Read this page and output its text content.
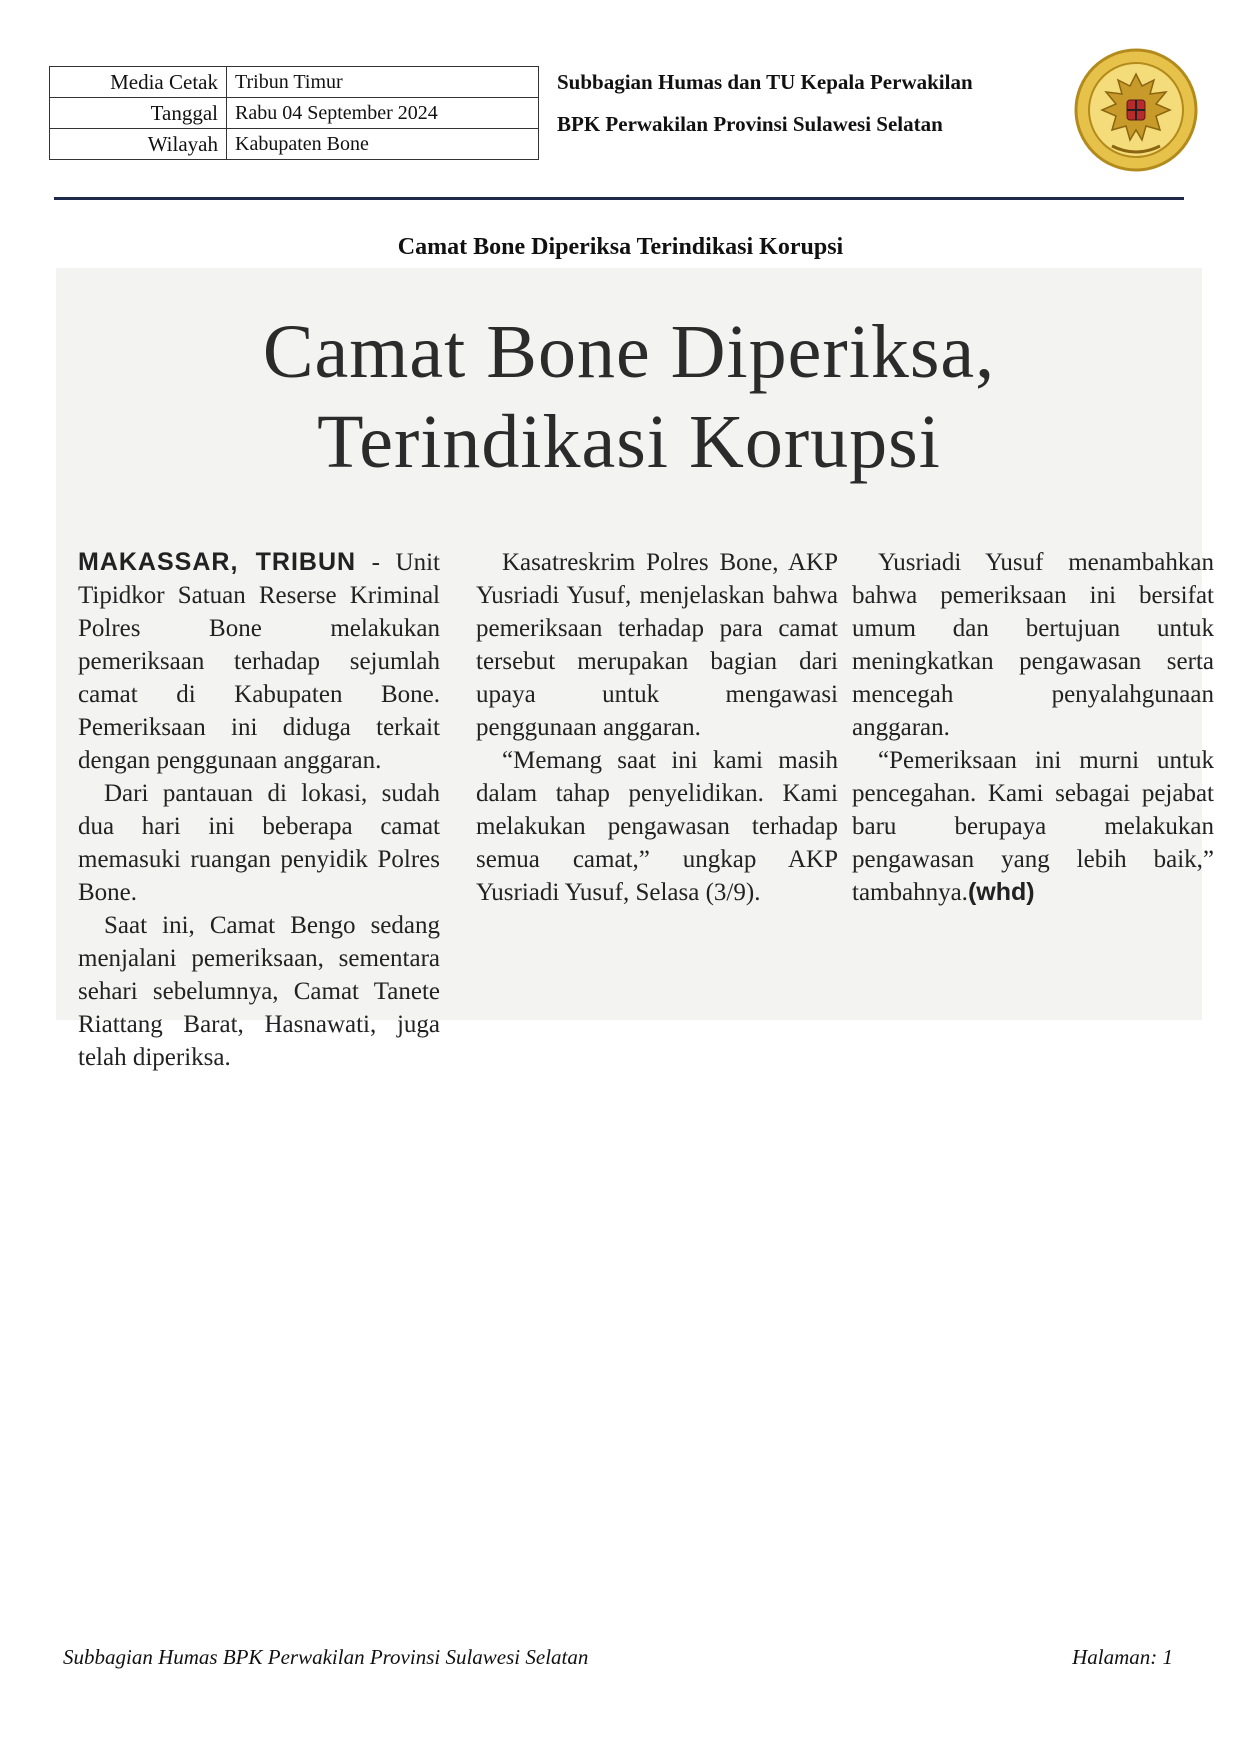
Media Cetak	Tribun Timur
Tanggal	Rabu 04 September 2024
Wilayah	Kabupaten Bone
Subbagian Humas dan TU Kepala Perwakilan
BPK Perwakilan Provinsi Sulawesi Selatan
Camat Bone Diperiksa Terindikasi Korupsi
Camat Bone Diperiksa,
Terindikasi Korupsi

MAKASSAR, TRIBUN - Unit Tipidkor Satuan Reserse Kriminal Polres Bone melakukan pemeriksaan terhadap sejumlah camat di Kabupaten Bone. Pemeriksaan ini diduga terkait dengan penggunaan anggaran.

Dari pantauan di lokasi, sudah dua hari ini beberapa camat memasuki ruangan penyidik Polres Bone.

Saat ini, Camat Bengo sedang menjalani pemeriksaan, sementara sehari sebelumnya, Camat Tanete Riattang Barat, Hasnawati, juga telah diperiksa.

Kasatreskrim Polres Bone, AKP Yusriadi Yusuf, menjelaskan bahwa pemeriksaan terhadap para camat tersebut merupakan bagian dari upaya untuk mengawasi penggunaan anggaran.

“Memang saat ini kami masih dalam tahap penyelidikan. Kami melakukan pengawasan terhadap semua camat,” ungkap AKP Yusriadi Yusuf, Selasa (3/9).

Yusriadi Yusuf menambahkan bahwa pemeriksaan ini bersifat umum dan bertujuan untuk meningkatkan pengawasan serta mencegah penyalahgunaan anggaran.

“Pemeriksaan ini murni untuk pencegahan. Kami sebagai pejabat baru berupaya melakukan pengawasan yang lebih baik,” tambahnya.(whd)

Subbagian Humas BPK Perwakilan Provinsi Sulawesi Selatan	Halaman: 1
